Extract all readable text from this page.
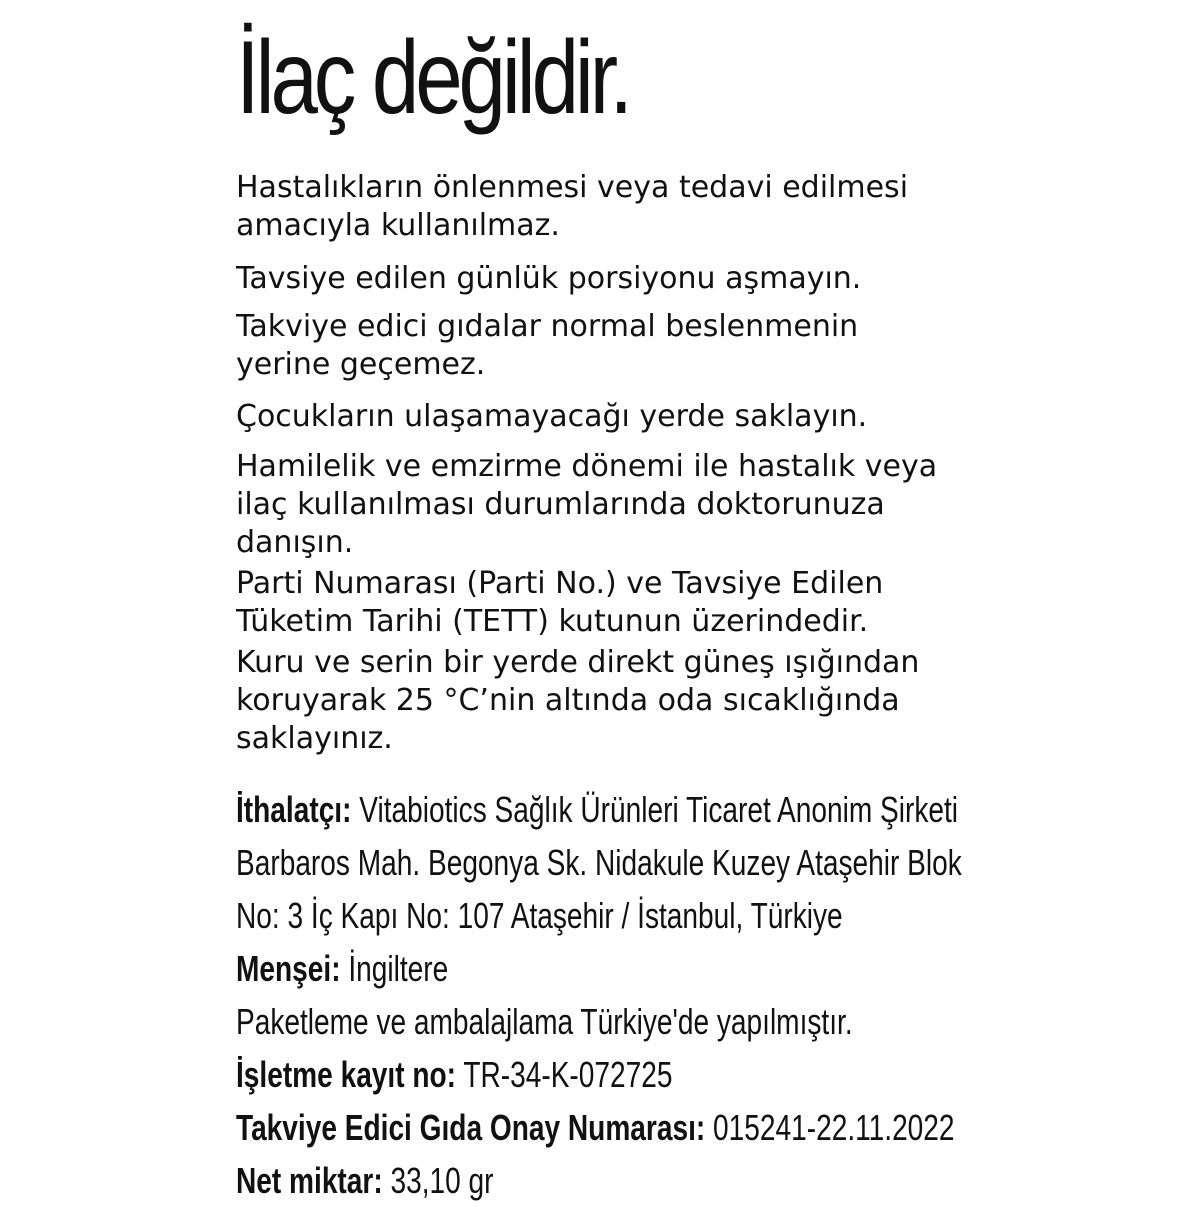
İlaç değildir.

Hastalıkların önlenmesi veya tedavi edilmesi
amacıyla kullanılmaz.

Tavsiye edilen günlük porsiyonu aşmayın.

Takviye edici gıdalar normal beslenmenin
yerine geçemez.

Çocukların ulaşamayacağı yerde saklayın.

Hamilelik ve emzirme dönemi ile hastalık veya
ilaç kullanılması durumlarında doktorunuza
danışın.

Parti Numarası (Parti No.) ve Tavsiye Edilen
Tüketim Tarihi (TETT) kutunun üzerindedir.

Kuru ve serin bir yerde direkt güneş ışığından
koruyarak 25 °C’nin altında oda sıcaklığında
saklayınız.

İthalatçı: Vitabiotics Sağlık Ürünleri Ticaret Anonim Şirketi
Barbaros Mah. Begonya Sk. Nidakule Kuzey Ataşehir Blok
No: 3 İç Kapı No: 107 Ataşehir / İstanbul, Türkiye
Menşei: İngiltere
Paketleme ve ambalajlama Türkiye'de yapılmıştır.
İşletme kayıt no: TR-34-K-072725
Takviye Edici Gıda Onay Numarası: 015241-22.11.2022
Net miktar: 33,10 gr
